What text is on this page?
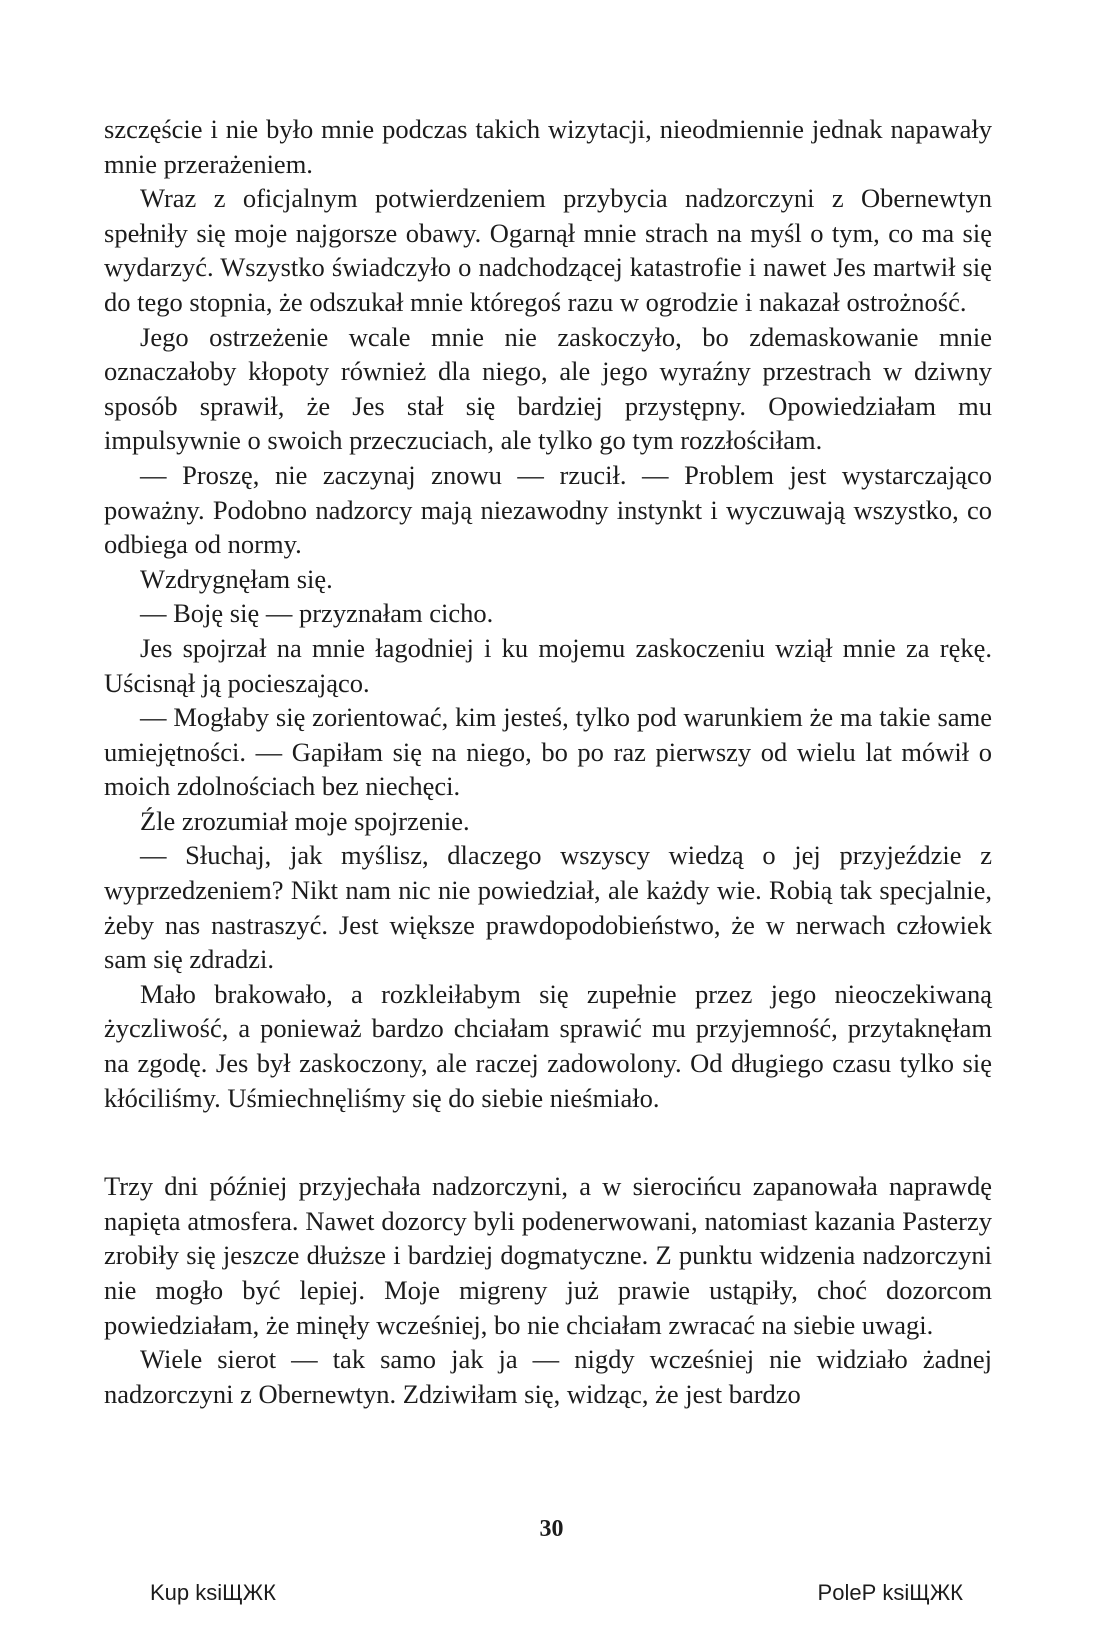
szczęście i nie było mnie podczas takich wizytacji, nieodmiennie jednak napawały mnie przerażeniem.

Wraz z oficjalnym potwierdzeniem przybycia nadzorczyni z Obernewtyn spełniły się moje najgorsze obawy. Ogarnął mnie strach na myśl o tym, co ma się wydarzyć. Wszystko świadczyło o nadchodzącej katastrofie i nawet Jes martwił się do tego stopnia, że odszukał mnie któregoś razu w ogrodzie i nakazał ostrożność.

Jego ostrzeżenie wcale mnie nie zaskoczyło, bo zdemaskowanie mnie oznaczałoby kłopoty również dla niego, ale jego wyraźny przestrach w dziwny sposób sprawił, że Jes stał się bardziej przystępny. Opowiedziałam mu impulsywnie o swoich przeczuciach, ale tylko go tym rozzłościłam.

— Proszę, nie zaczynaj znowu — rzucił. — Problem jest wystarczająco poważny. Podobno nadzorcy mają niezawodny instynkt i wyczuwają wszystko, co odbiega od normy.

Wzdrygnęłam się.

— Boję się — przyznałam cicho.

Jes spojrzał na mnie łagodniej i ku mojemu zaskoczeniu wziął mnie za rękę. Uścisnął ją pocieszająco.

— Mogłaby się zorientować, kim jesteś, tylko pod warunkiem że ma takie same umiejętności. — Gapiłam się na niego, bo po raz pierwszy od wielu lat mówił o moich zdolnościach bez niechęci.

Źle zrozumiał moje spojrzenie.

— Słuchaj, jak myślisz, dlaczego wszyscy wiedzą o jej przyjeździe z wyprzedzeniem? Nikt nam nic nie powiedział, ale każdy wie. Robią tak specjalnie, żeby nas nastraszyć. Jest większe prawdopodobieństwo, że w nerwach człowiek sam się zdradzi.

Mało brakowało, a rozkleiłabym się zupełnie przez jego nieoczekiwaną życzliwość, a ponieważ bardzo chciałam sprawić mu przyjemność, przytaknęłam na zgodę. Jes był zaskoczony, ale raczej zadowolony. Od długiego czasu tylko się kłóciliśmy. Uśmiechnęliśmy się do siebie nieśmiało.

Trzy dni później przyjechała nadzorczyni, a w sierocińcu zapanowała naprawdę napięta atmosfera. Nawet dozorcy byli podenerwowani, natomiast kazania Pasterzy zrobiły się jeszcze dłuższe i bardziej dogmatyczne. Z punktu widzenia nadzorczyni nie mogło być lepiej. Moje migreny już prawie ustąpiły, choć dozorcom powiedziałam, że minęły wcześniej, bo nie chciałam zwracać na siebie uwagi.

Wiele sierot — tak samo jak ja — nigdy wcześniej nie widziało żadnej nadzorczyni z Obernewtyn. Zdziwiłam się, widząc, że jest bardzo

30
Kup ksiЩЖК	PoleР ksiЩЖК
